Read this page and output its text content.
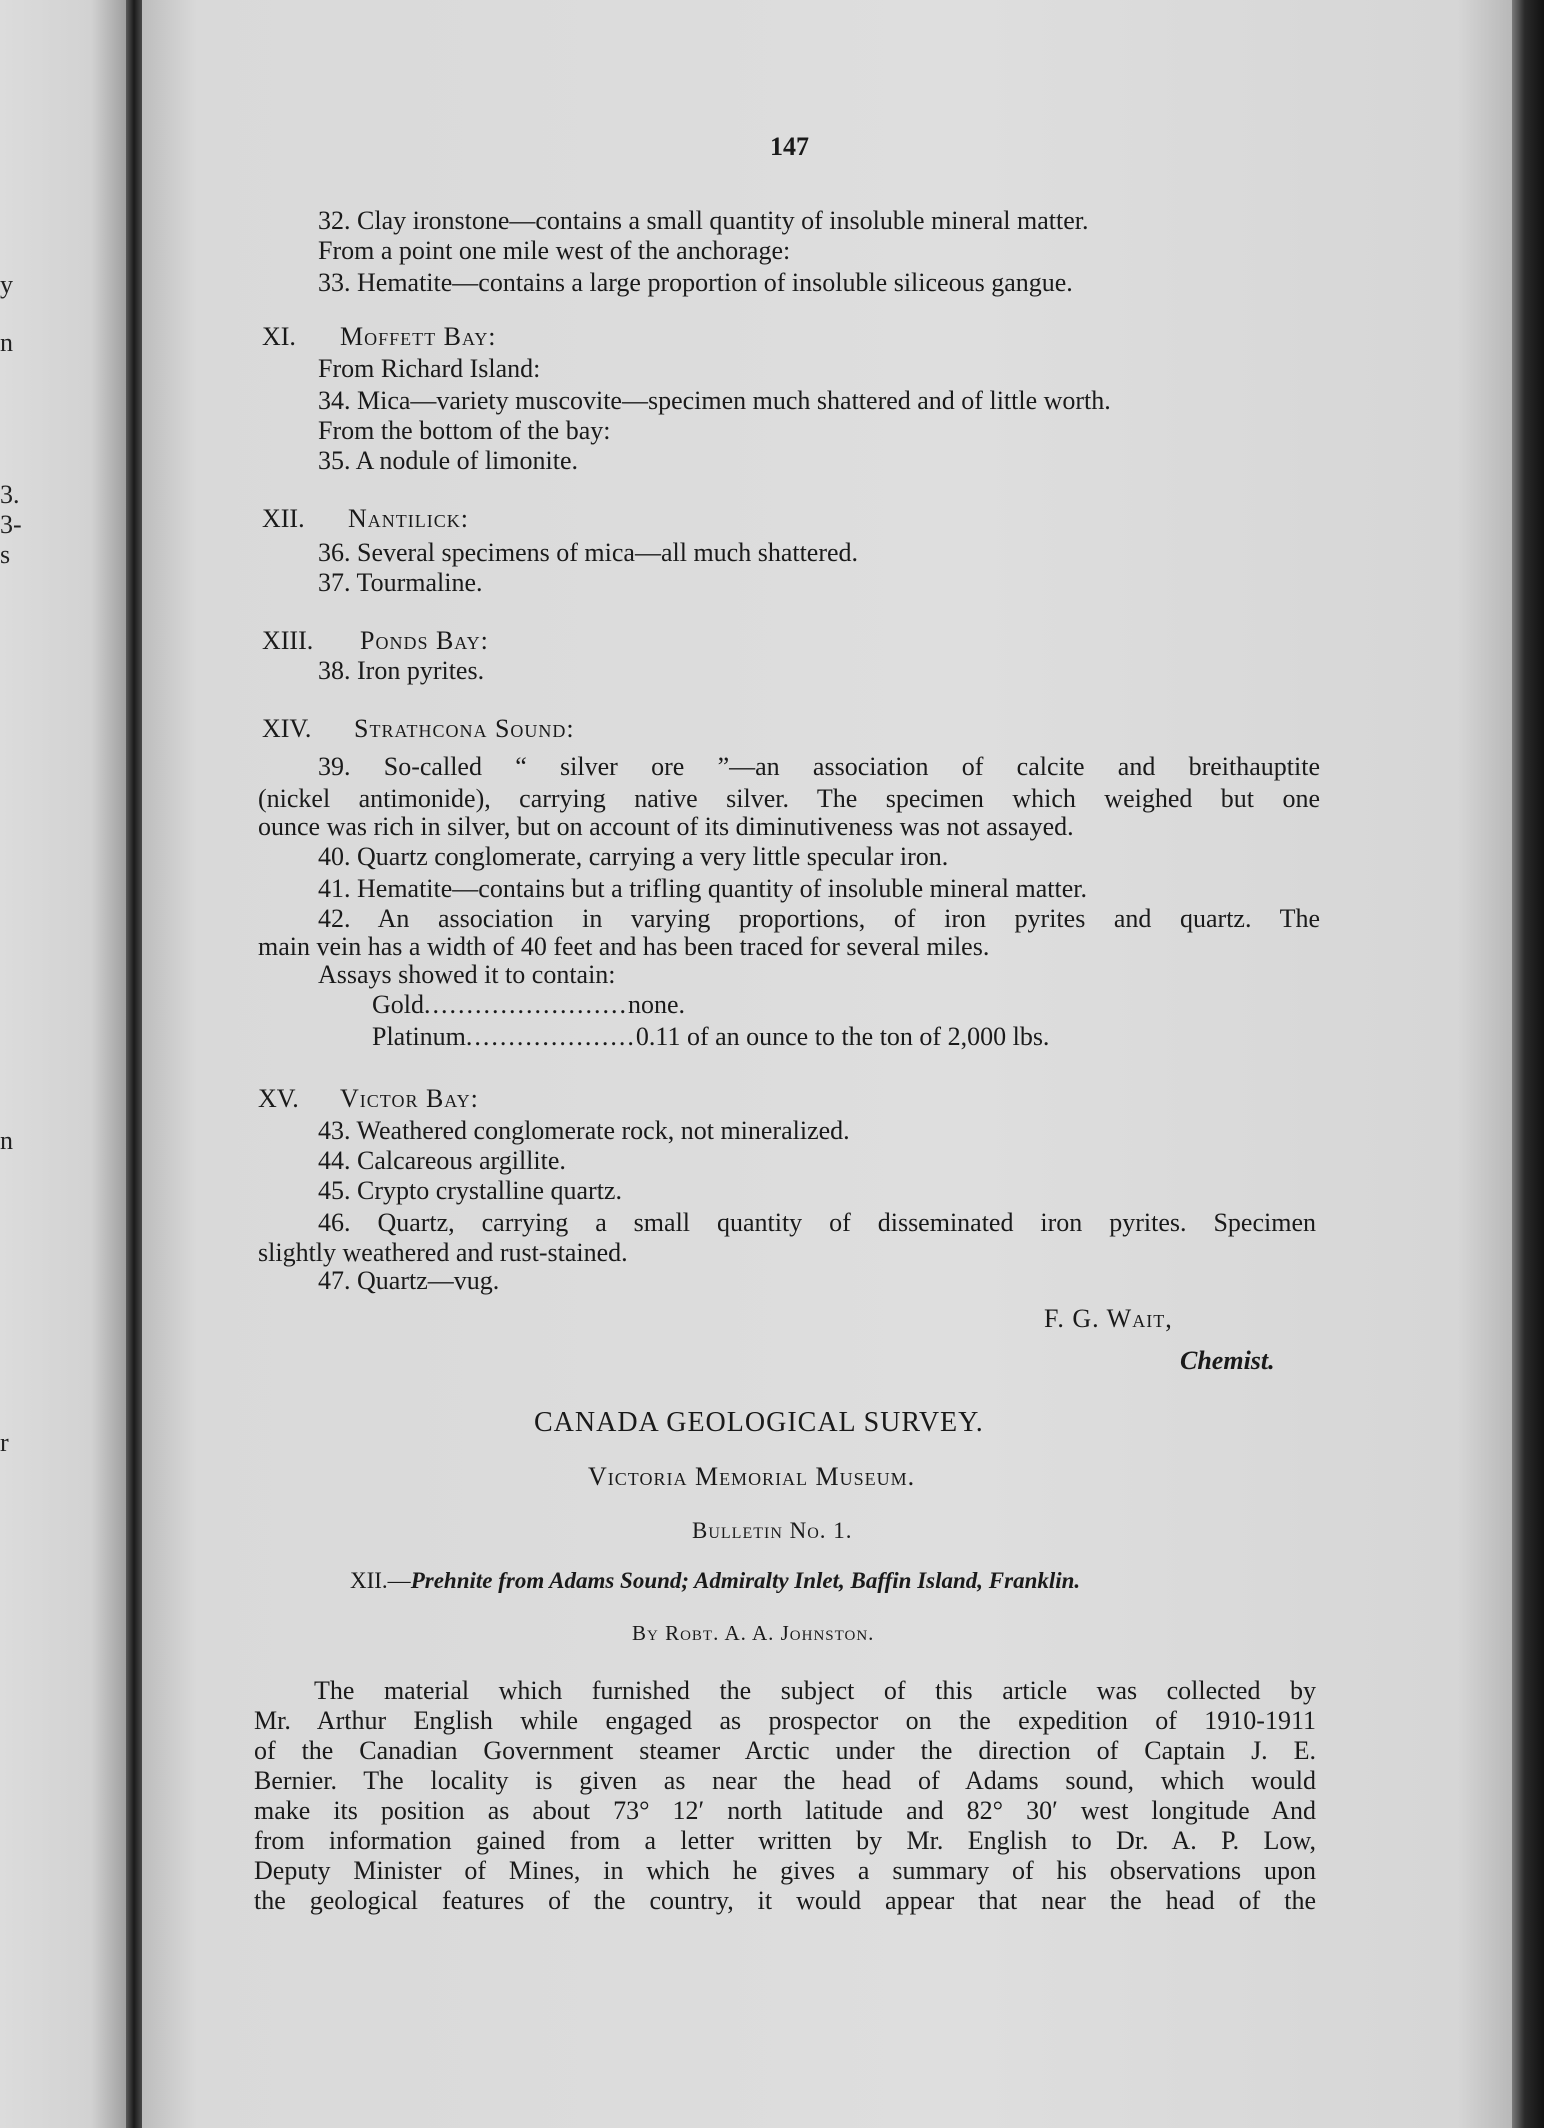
y
n
3.
3-
s
n
r
147
32. Clay ironstone—contains a small quantity of insoluble mineral matter.
From a point one mile west of the anchorage:
33. Hematite—contains a large proportion of insoluble siliceous gangue.
XI. Moffett Bay:
From Richard Island:
34. Mica—variety muscovite—specimen much shattered and of little worth.
From the bottom of the bay:
35. A nodule of limonite.
XII. Nantilick:
36. Several specimens of mica—all much shattered.
37. Tourmaline.
XIII. Ponds Bay:
38. Iron pyrites.
XIV. Strathcona Sound:
39. So-called “ silver ore ”—an association of calcite and breithauptite
(nickel antimonide), carrying native silver. The specimen which weighed but one
ounce was rich in silver, but on account of its diminutiveness was not assayed.
40. Quartz conglomerate, carrying a very little specular iron.
41. Hematite—contains but a trifling quantity of insoluble mineral matter.
42. An association in varying proportions, of iron pyrites and quartz. The
main vein has a width of 40 feet and has been traced for several miles.
Assays showed it to contain:
Gold........................none.
Platinum....................0.11 of an ounce to the ton of 2,000 lbs.
XV. Victor Bay:
43. Weathered conglomerate rock, not mineralized.
44. Calcareous argillite.
45. Crypto crystalline quartz.
46. Quartz, carrying a small quantity of disseminated iron pyrites. Specimen
slightly weathered and rust-stained.
47. Quartz—vug.
F. G. Wait,
Chemist.
CANADA GEOLOGICAL SURVEY.
Victoria Memorial Museum.
Bulletin No. 1.
XII.—Prehnite from Adams Sound; Admiralty Inlet, Baffin Island, Franklin.
By Robt. A. A. Johnston.
The material which furnished the subject of this article was collected by
Mr. Arthur English while engaged as prospector on the expedition of 1910-1911
of the Canadian Government steamer Arctic under the direction of Captain J. E.
Bernier. The locality is given as near the head of Adams sound, which would
make its position as about 73° 12′ north latitude and 82° 30′ west longitude And
from information gained from a letter written by Mr. English to Dr. A. P. Low,
Deputy Minister of Mines, in which he gives a summary of his observations upon
the geological features of the country, it would appear that near the head of the
